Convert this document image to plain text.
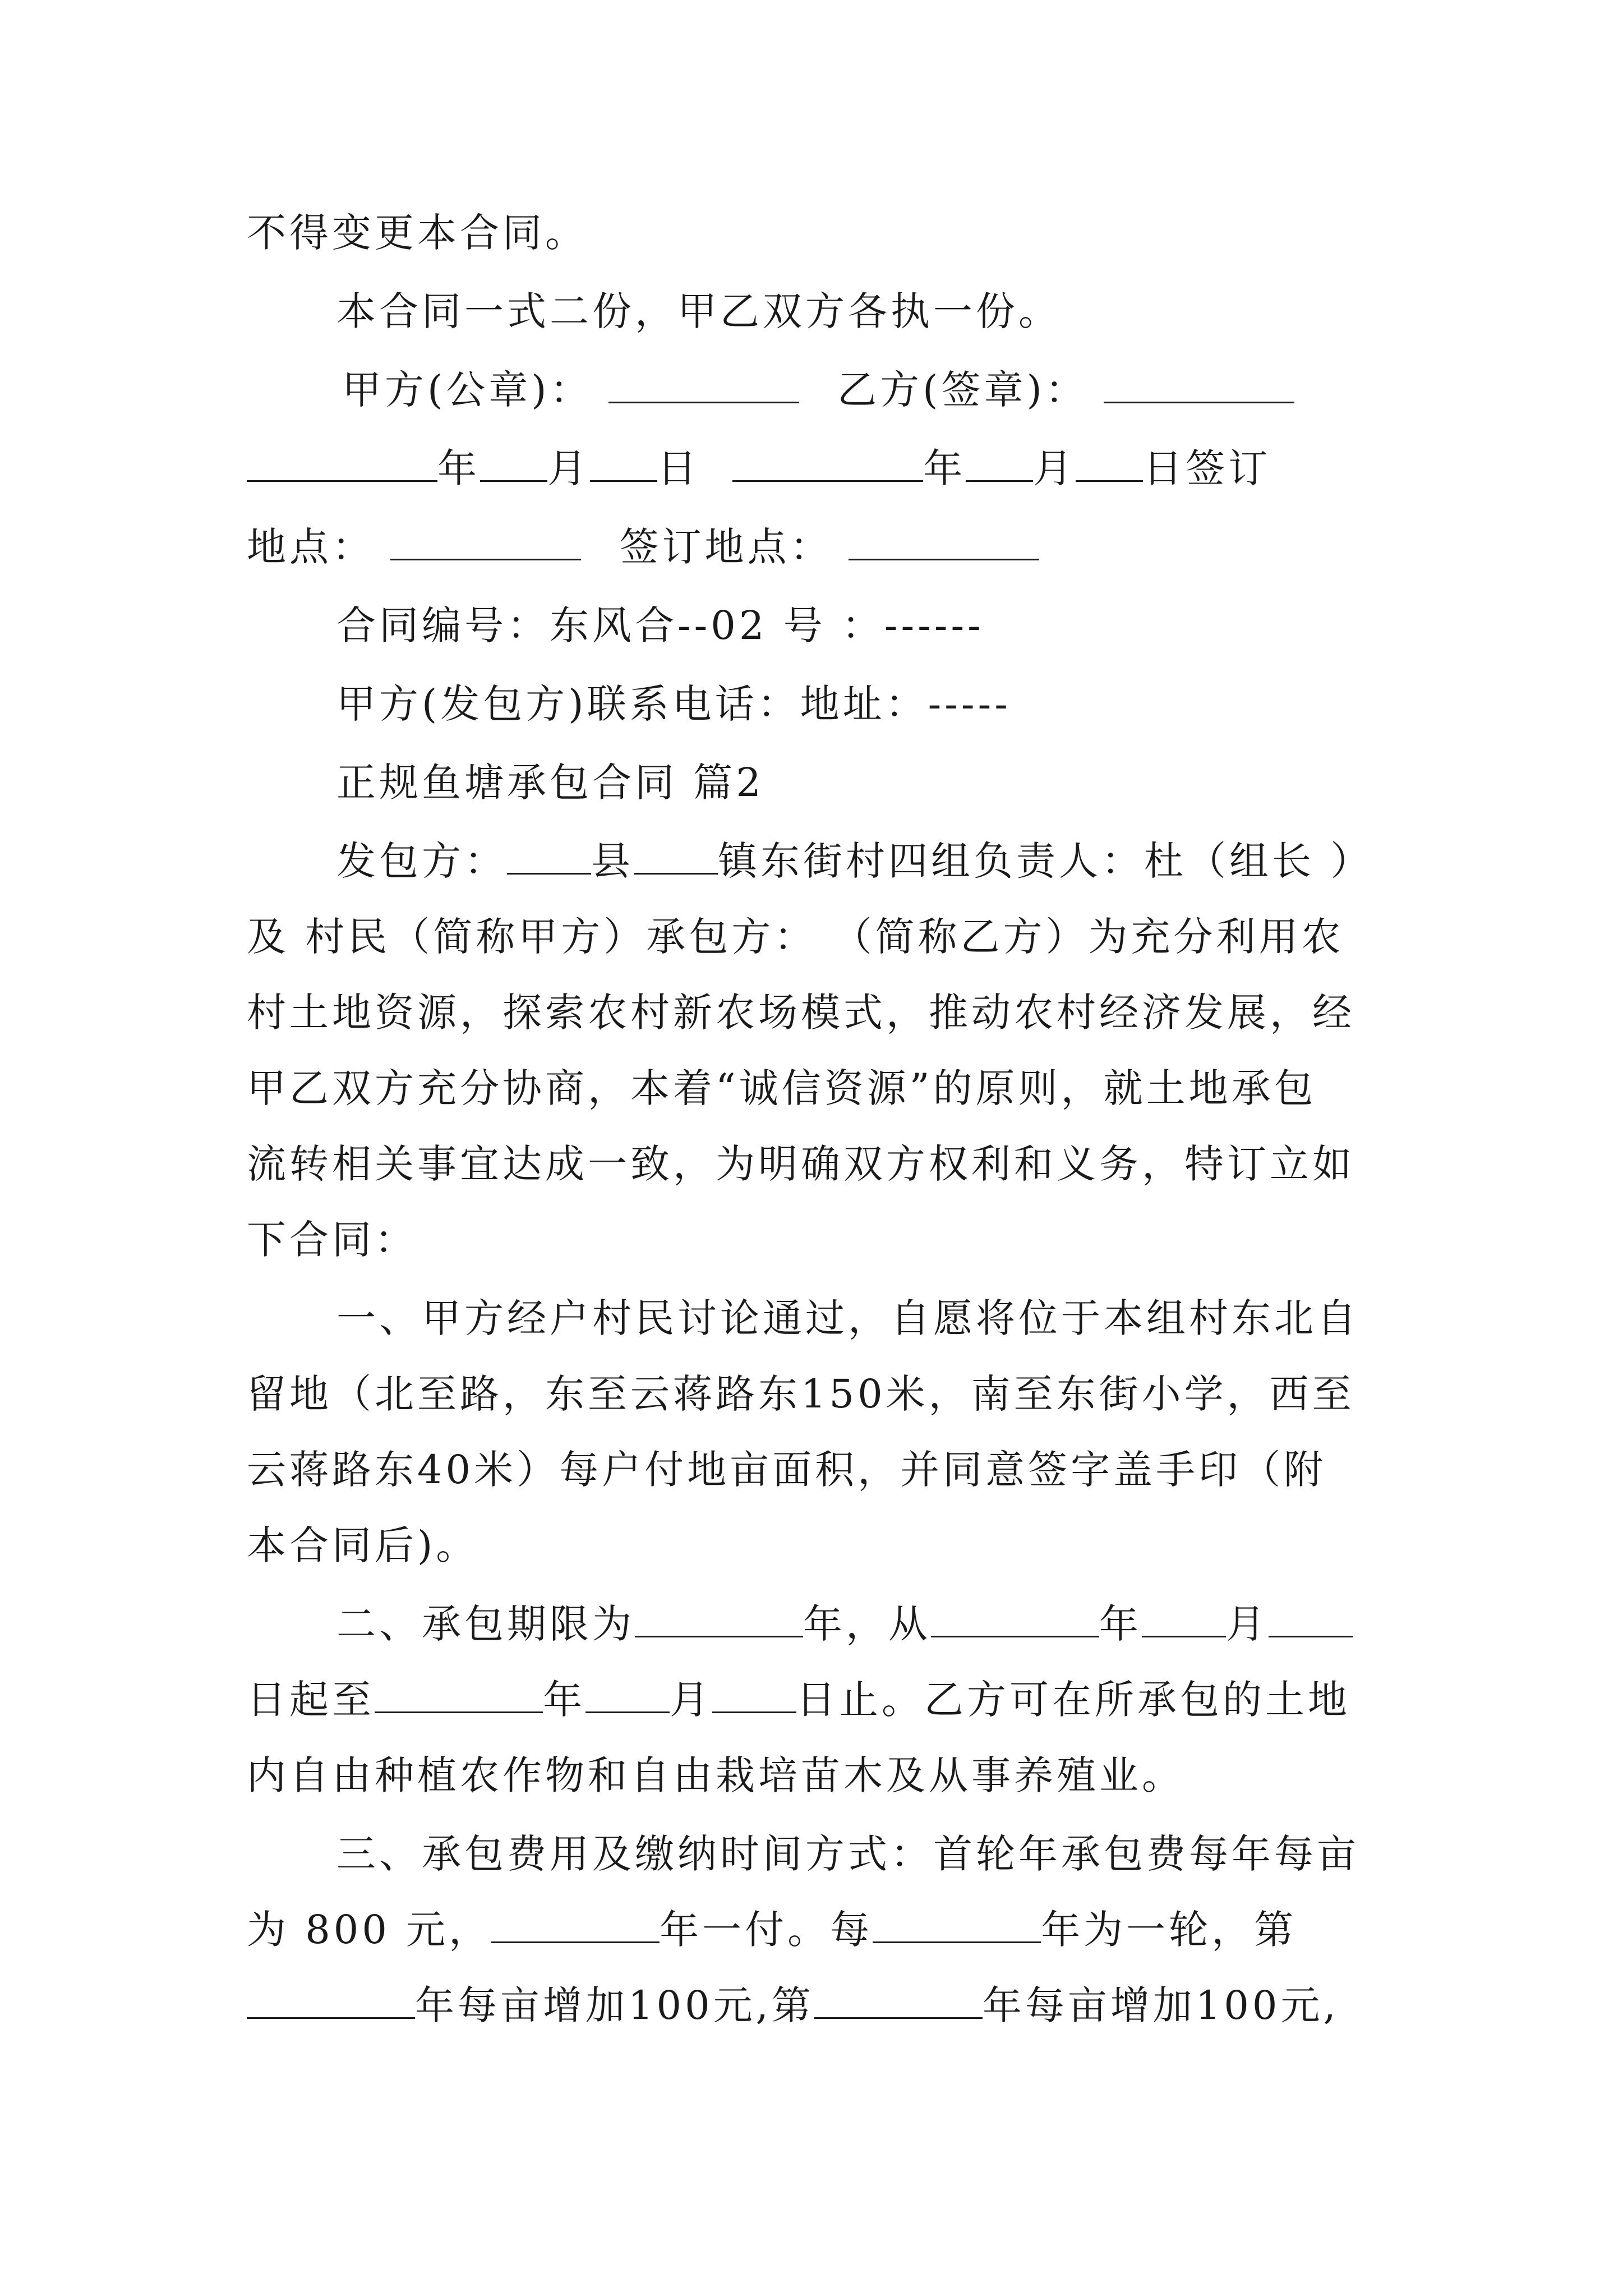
不得变更本合同。
本合同一式二份，甲乙双方各执一份。
甲方(公章)：	乙方(签章)：
年 月 日	年 月 日签订
地点：	签订地点：
合同编号：东风合--02 号 ：------
甲方(发包方)联系电话：地址：-----
正规鱼塘承包合同 篇2
发包方： 县 镇东街村四组负责人：杜（组长 ）
及 村民（简称甲方）承包方： （简称乙方）为充分利用农
村土地资源，探索农村新农场模式，推动农村经济发展，经
甲乙双方充分协商，本着“诚信资源”的原则，就土地承包
流转相关事宜达成一致，为明确双方权利和义务，特订立如
下合同：
一、甲方经户村民讨论通过，自愿将位于本组村东北自
留地（北至路，东至云蒋路东150米，南至东街小学，西至
云蒋路东40米）每户付地亩面积，并同意签字盖手印（附
本合同后)。
二、承包期限为	年，从	年 月
日起至	年 月 日止。乙方可在所承包的土地
内自由种植农作物和自由栽培苗木及从事养殖业。
三、承包费用及缴纳时间方式：首轮年承包费每年每亩
为 800 元，	年一付。每	年为一轮，第
年每亩增加100元,第	年每亩增加100元,
